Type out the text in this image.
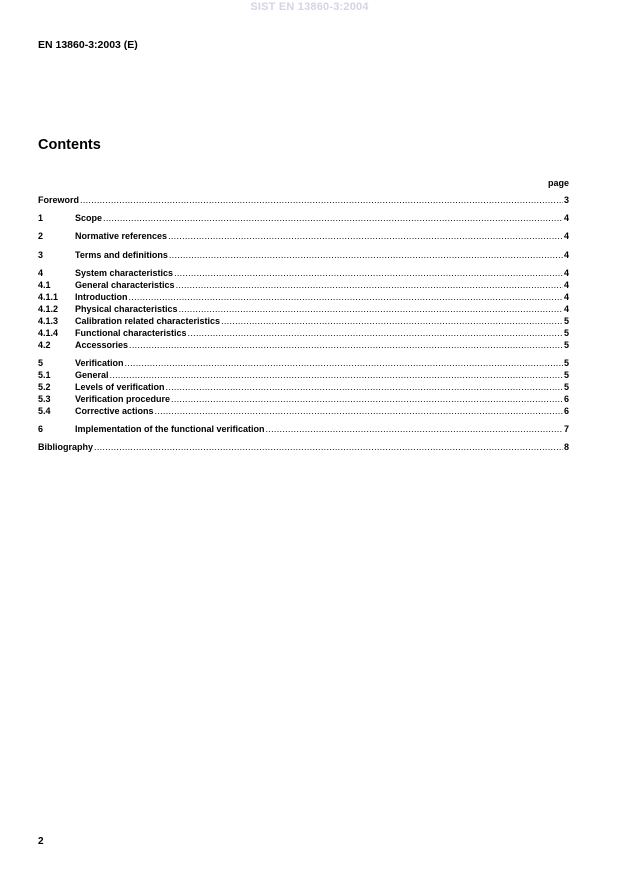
SIST EN 13860-3:2004
EN 13860-3:2003 (E)
Contents
page
Foreword .....	3
1	Scope .....	4
2	Normative references .....	4
3	Terms and definitions .....	4
4	System characteristics .....	4
4.1	General characteristics .....	4
4.1.1	Introduction .....	4
4.1.2	Physical characteristics .....	4
4.1.3	Calibration related characteristics .....	5
4.1.4	Functional characteristics .....	5
4.2	Accessories .....	5
5	Verification .....	5
5.1	General .....	5
5.2	Levels of verification .....	5
5.3	Verification procedure .....	6
5.4	Corrective actions .....	6
6	Implementation of the functional verification .....	7
Bibliography .....	8
2
